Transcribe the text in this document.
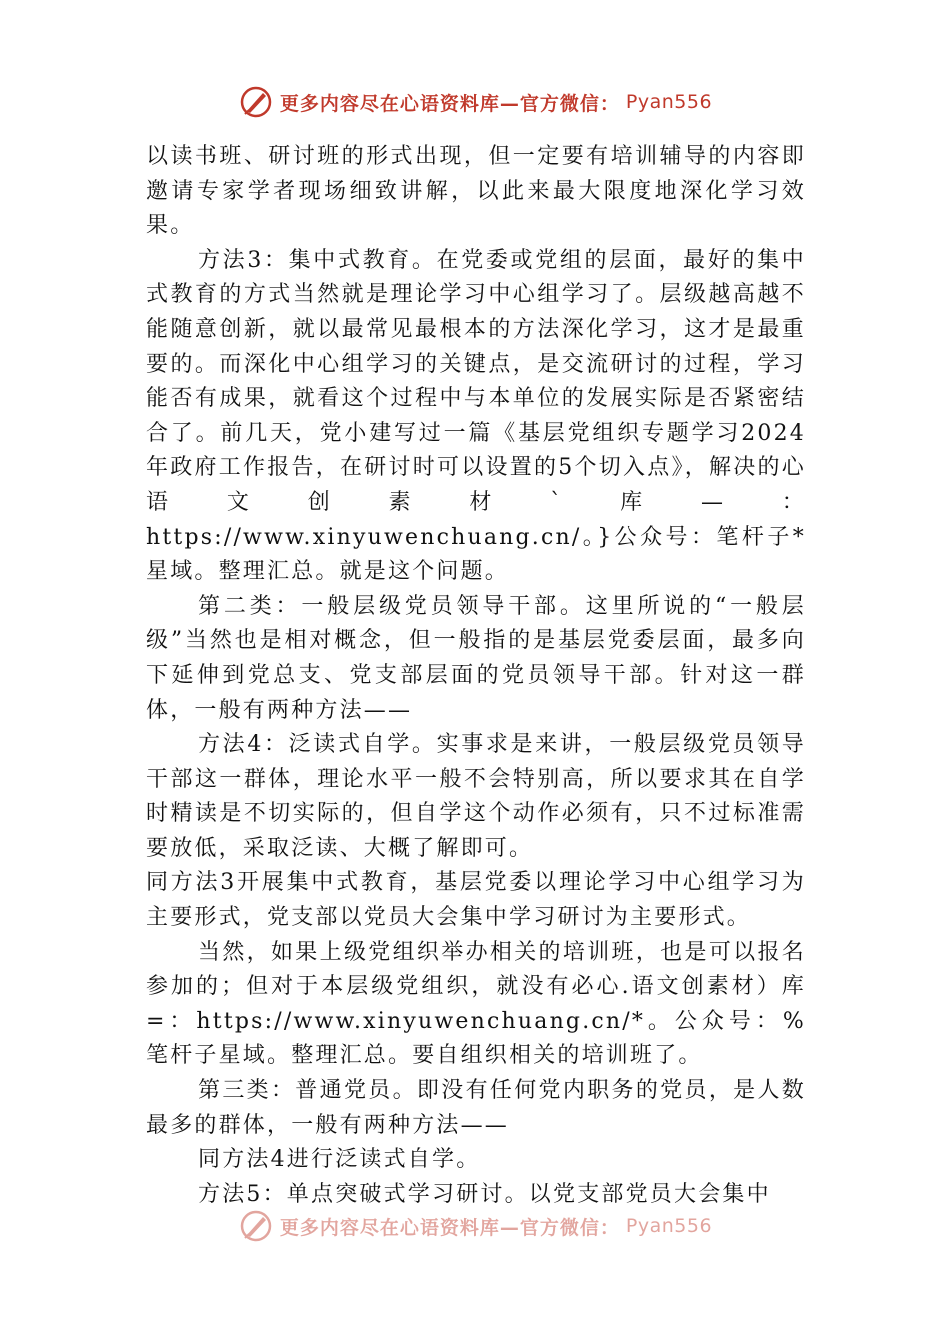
更多内容尽在心语资料库—官方微信： Pyan556

以读书班、研讨班的形式出现，但一定要有培训辅导的内容即邀请专家学者现场细致讲解，以此来最大限度地深化学习效果。

方法3：集中式教育。在党委或党组的层面，最好的集中式教育的方式当然就是理论学习中心组学习了。层级越高越不能随意创新，就以最常见最根本的方法深化学习，这才是最重要的。而深化中心组学习的关键点，是交流研讨的过程，学习能否有成果，就看这个过程中与本单位的发展实际是否紧密结合了。前几天，党小建写过一篇《基层党组织专题学习2024年政府工作报告，在研讨时可以设置的5个切入点》，解决的心语文创素材`库—：https://www.xinyuwenchuang.cn/。}公众号：笔杆子*星域。整理汇总。就是这个问题。

第二类：一般层级党员领导干部。这里所说的“一般层级”当然也是相对概念，但一般指的是基层党委层面，最多向下延伸到党总支、党支部层面的党员领导干部。针对这一群体，一般有两种方法——

方法4：泛读式自学。实事求是来讲，一般层级党员领导干部这一群体，理论水平一般不会特别高，所以要求其在自学时精读是不切实际的，但自学这个动作必须有，只不过标准需要放低，采取泛读、大概了解即可。

同方法3开展集中式教育，基层党委以理论学习中心组学习为主要形式，党支部以党员大会集中学习研讨为主要形式。

当然，如果上级党组织举办相关的培训班，也是可以报名参加的；但对于本层级党组织，就没有必心.语文创素材）库=：https://www.xinyuwenchuang.cn/*。公众号：%笔杆子星域。整理汇总。要自组织相关的培训班了。

第三类：普通党员。即没有任何党内职务的党员，是人数最多的群体，一般有两种方法——

同方法4进行泛读式自学。

方法5：单点突破式学习研讨。以党支部党员大会集中

更多内容尽在心语资料库—官方微信： Pyan556
